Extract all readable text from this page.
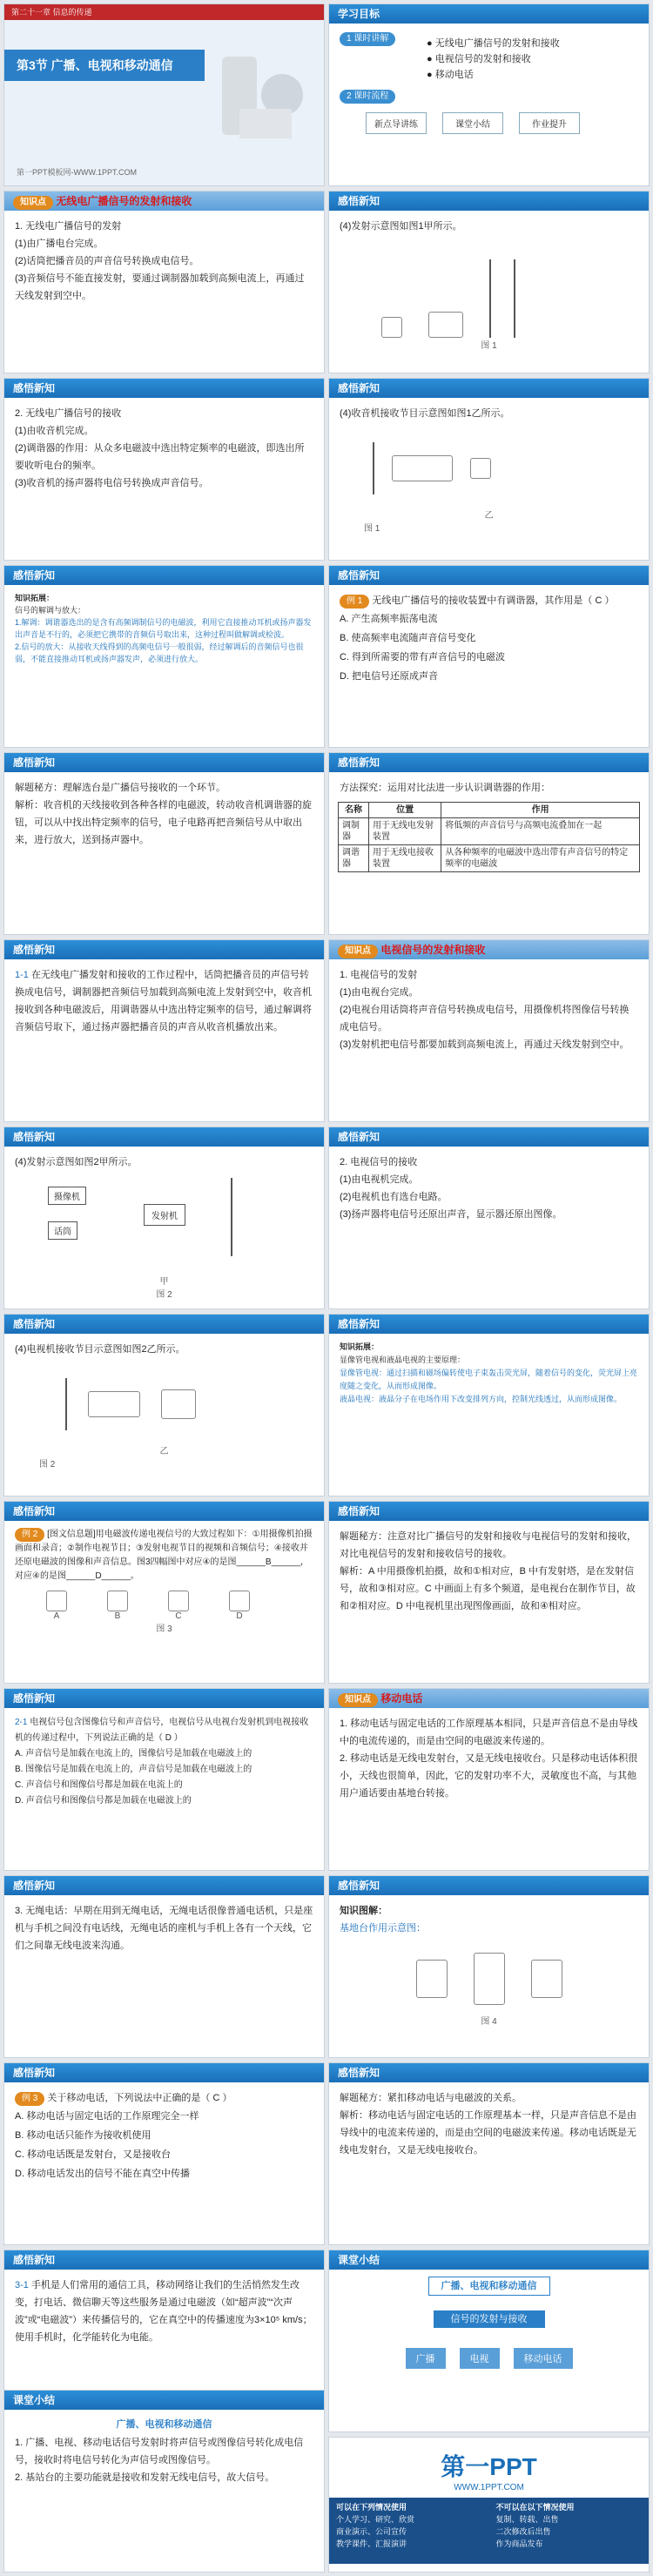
第二十一章 信息的传递
第3节 广播、电视和移动通信
第一PPT模板网-WWW.1PPT.COM
学习目标
1 课时讲解	● 无线电广播信号的发射和接收
● 电视信号的发射和接收
● 移动电话
2 课时流程
新点导讲练	课堂小结	作业提升
知识点 无线电广播信号的发射和接收
1. 无线电广播信号的发射
(1)由广播电台完成。
(2)话筒把播音员的声音信号转换成电信号。
(3)音频信号不能直接发射，要通过调制器加载到高频电流上，再通过天线发射到空中。
感悟新知
(4)发射示意图如图1甲所示。
图 1
感悟新知
2. 无线电广播信号的接收
(1)由收音机完成。
(2)调谐器的作用：从众多电磁波中选出特定频率的电磁波，即选出所要收听电台的频率。
(3)收音机的扬声器将电信号转换成声音信号。
感悟新知
(4)收音机接收节目示意图如图1乙所示。
乙
图 1
感悟新知
知识拓展：
信号的解调与放大：
1.解调：调谐器选出的是含有高频调制信号的电磁波，利用它直接推动耳机或扬声器发出声音是不行的，必须把它携带的音频信号取出来，这种过程叫做解调或检波。
2.信号的放大：从接收天线得到的高频电信号一般很弱，经过解调后的音频信号也很弱，不能直接推动耳机或扬声器发声，必须进行放大。
感悟新知
例 1 无线电广播信号的接收装置中有调谐器，其作用是（ C ）
A. 产生高频率振荡电流
B. 使高频率电流随声音信号变化
C. 得到所需要的带有声音信号的电磁波
D. 把电信号还原成声音
感悟新知
解题秘方：理解选台是广播信号接收的一个环节。
解析：收音机的天线接收到各种各样的电磁波，转动收音机调谐器的旋钮，可以从中找出特定频率的信号，电子电路再把音频信号从中取出来，进行放大，送到扬声器中。
感悟新知
方法探究：运用对比法进一步认识调谐器的作用：
名称	位置	作用
调制器	用于无线电发射装置	将低频的声音信号与高频电流叠加在一起
调谐器	用于无线电接收装置	从各种频率的电磁波中选出带有声音信号的特定频率的电磁波
感悟新知
1-1 在无线电广播发射和接收的工作过程中，话筒把播音员的声信号转换成电信号，调制器把音频信号加载到高频电流上发射到空中，收音机接收到各种电磁波后，用调谐器从中选出特定频率的信号，通过解调将音频信号取下，通过扬声器把播音员的声音从收音机播放出来。
知识点 电视信号的发射和接收
1. 电视信号的发射
(1)由电视台完成。
(2)电视台用话筒将声音信号转换成电信号，用摄像机将图像信号转换成电信号。
(3)发射机把电信号都要加载到高频电流上，再通过天线发射到空中。
感悟新知
(4)发射示意图如图2甲所示。
摄像机
话筒
发射机
甲
图 2
感悟新知
2. 电视信号的接收
(1)由电视机完成。
(2)电视机也有选台电路。
(3)扬声器将电信号还原出声音，显示器还原出图像。
感悟新知
(4)电视机接收节目示意图如图2乙所示。
乙
图 2
感悟新知
知识拓展：
显像管电视和液晶电视的主要原理：
显像管电视：通过扫描和磁场偏转使电子束轰击荧光屏，随着信号的变化，荧光屏上亮度随之变化，从而形成图像。
液晶电视：液晶分子在电场作用下改变排列方向，控制光线透过，从而形成图像。
感悟新知
例 2 [图文信息题]用电磁波传递电视信号的大致过程如下：①用摄像机拍摄画面和录音；②制作电视节目；③发射电视节目的视频和音频信号；④接收并还原电磁波的图像和声音信息。图3四幅图中对应④的是图______B______，对应④的是图______D______。
A	B	C	D
图 3
感悟新知
解题秘方：注意对比广播信号的发射和接收与电视信号的发射和接收，对比电视信号的发射和接收信号的接收。
解析：A 中用摄像机拍摄，故和①相对应，B 中有发射塔，是在发射信号，故和③相对应。C 中画面上有多个频道，是电视台在制作节目，故和②相对应。D 中电视机里出现图像画面，故和④相对应。
感悟新知
2-1 电视信号包含图像信号和声音信号，电视信号从电视台发射机到电视接收机的传递过程中，下列说法正确的是（ D ）
A. 声音信号是加载在电流上的，图像信号是加载在电磁波上的
B. 图像信号是加载在电流上的，声音信号是加载在电磁波上的
C. 声音信号和图像信号都是加载在电流上的
D. 声音信号和图像信号都是加载在电磁波上的
知识点 移动电话
1. 移动电话与固定电话的工作原理基本相同，只是声音信息不是由导线中的电流传递的，而是由空间的电磁波来传递的。
2. 移动电话是无线电发射台，又是无线电接收台。只是移动电话体积很小，天线也很简单，因此，它的发射功率不大，灵敏度也不高，与其他用户通话要由基地台转接。
感悟新知
3. 无绳电话：早期在用到无绳电话，无绳电话很像普通电话机，只是座机与手机之间没有电话线，无绳电话的座机与手机上各有一个天线，它们之间靠无线电波来沟通。
感悟新知
知识图解：
基地台作用示意图：
图 4
感悟新知
例 3 关于移动电话，下列说法中正确的是（ C ）
A. 移动电话与固定电话的工作原理完全一样
B. 移动电话只能作为接收机使用
C. 移动电话既是发射台，又是接收台
D. 移动电话发出的信号不能在真空中传播
感悟新知
解题秘方：紧扣移动电话与电磁波的关系。
解析：移动电话与固定电话的工作原理基本一样，只是声音信息不是由导线中的电流来传递的，而是由空间的电磁波来传递。移动电话既是无线电发射台，又是无线电接收台。
感悟新知
3-1 手机是人们常用的通信工具，移动网络让我们的生活悄然发生改变，打电话、微信聊天等这些服务是通过电磁波（如“超声波”“次声波”或“电磁波”）来传播信号的，它在真空中的传播速度为3×10⁵ km/s；使用手机时，化学能转化为电能。
课堂小结
广播、电视和移动通信
信号的发射与接收
广播	电视	移动电话
课堂小结
广播、电视和移动通信
1. 广播、电视、移动电话信号发射时将声信号或图像信号转化成电信号，接收时将电信号转化为声信号或图像信号。
2. 基站台的主要功能就是接收和发射无线电信号，故大信号。	第一PPT
WWW.1PPT.COM
可以在下列情况使用
个人学习、研究、欣赏
商业演示、公司宣传
教学课件、汇报演讲
不可以在以下情况使用
复制、转载、出售
二次修改后出售
作为商品发布
